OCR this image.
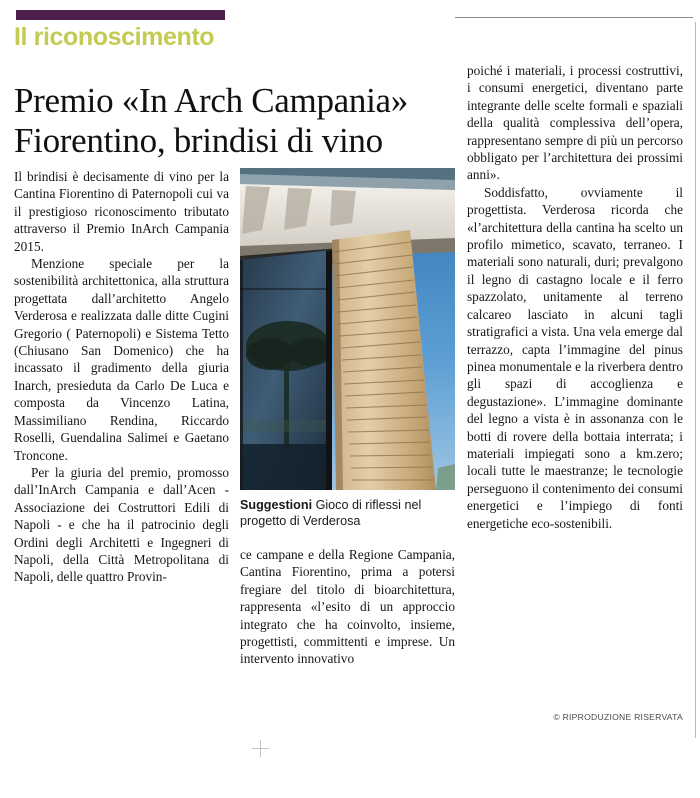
Il riconoscimento
Premio «In Arch Campania»
Fiorentino, brindisi di vino

Il brindisi è decisamente di vino per la Cantina Fiorentino di Paternopoli cui va il prestigioso riconoscimento tributato attraverso il Premio InArch Campania 2015.

Menzione speciale per la sostenibilità architettonica, alla struttura progettata dall’architetto Angelo Verderosa e realizzata dalle ditte Cugini Gregorio ( Paternopoli) e Sistema Tetto (Chiusano San Domenico) che ha incassato il gradimento della giuria Inarch, presieduta da Carlo De Luca e composta da Vincenzo Latina, Massimiliano Rendina, Riccardo Roselli, Guendalina Salimei e Gaetano Troncone.

Per la giuria del premio, promosso dall’InArch Campania e dall’Acen - Associazione dei Costruttori Edili di Napoli - e che ha il patrocinio degli Ordini degli Architetti e Ingegneri di Napoli, della Città Metropolitana di Napoli, delle quattro Provin-

Suggestioni Gioco di riflessi nel progetto di Verderosa

ce campane e della Regione Campania, Cantina Fiorentino, prima a potersi fregiare del titolo di bioarchitettura, rappresenta «l’esito di un approccio integrato che ha coinvolto, insieme, progettisti, committenti e imprese. Un intervento innovativo

poiché i materiali, i processi costruttivi, i consumi energetici, diventano parte integrante delle scelte formali e spaziali della qualità complessiva dell’opera, rappresentano sempre di più un percorso obbligato per l’architettura dei prossimi anni».

Soddisfatto, ovviamente il progettista. Verderosa ricorda che «l’architettura della cantina ha scelto un profilo mimetico, scavato, terraneo. I materiali sono naturali, duri; prevalgono il legno di castagno locale e il ferro spazzolato, unitamente al terreno calcareo lasciato in alcuni tagli stratigrafici a vista. Una vela emerge dal terrazzo, capta l’immagine del pinus pinea monumentale e la riverbera dentro gli spazi di accoglienza e degustazione». L’immagine dominante del legno a vista è in assonanza con le botti di rovere della bottaia interrata; i materiali impiegati sono a km.zero; locali tutte le maestranze; le tecnologie perseguono il contenimento dei consumi energetici e l’impiego di fonti energetiche eco-sostenibili.

© RIPRODUZIONE RISERVATA
